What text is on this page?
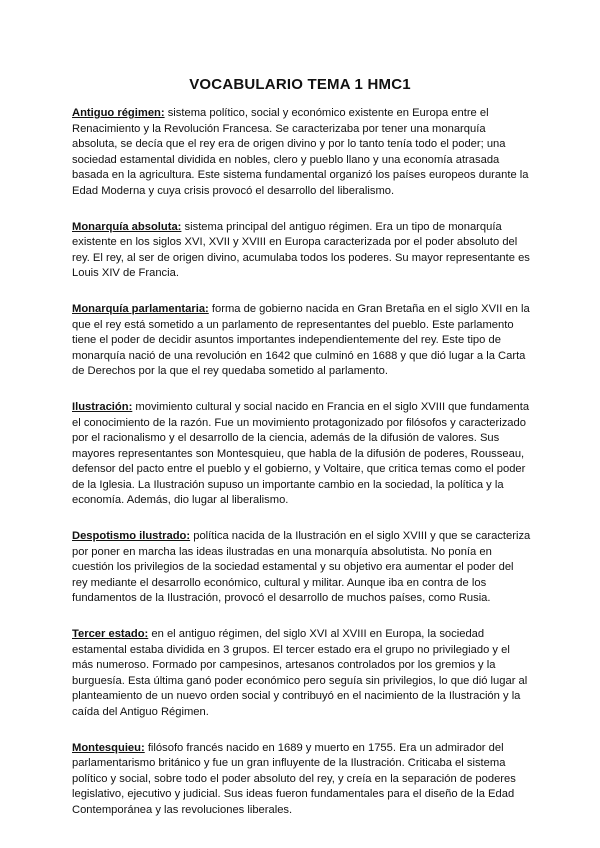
VOCABULARIO TEMA 1 HMC1

Antiguo régimen: sistema político, social y económico existente en Europa entre el Renacimiento y la Revolución Francesa. Se caracterizaba por tener una monarquía absoluta, se decía que el rey era de origen divino y por lo tanto tenía todo el poder; una sociedad estamental dividida en nobles, clero y pueblo llano y una economía atrasada basada en la agricultura. Este sistema fundamental organizó los países europeos durante la Edad Moderna y cuya crisis provocó el desarrollo del liberalismo.

Monarquía absoluta: sistema principal del antiguo régimen. Era un tipo de monarquía existente en los siglos XVI, XVII y XVIII en Europa caracterizada por el poder absoluto del rey. El rey, al ser de origen divino, acumulaba todos los poderes. Su mayor representante es Louis XIV de Francia.

Monarquía parlamentaria: forma de gobierno nacida en Gran Bretaña en el siglo XVII en la que el rey está sometido a un parlamento de representantes del pueblo. Este parlamento tiene el poder de decidir asuntos importantes independientemente del rey. Este tipo de monarquía nació de una revolución en 1642 que culminó en 1688 y que dió lugar a la Carta de Derechos por la que el rey quedaba sometido al parlamento.

Ilustración: movimiento cultural y social nacido en Francia en el siglo XVIII que fundamenta el conocimiento de la razón. Fue un movimiento protagonizado por filósofos y caracterizado por el racionalismo y el desarrollo de la ciencia, además de la difusión de valores. Sus mayores representantes son Montesquieu, que habla de la difusión de poderes, Rousseau, defensor del pacto entre el pueblo y el gobierno, y Voltaire, que critica temas como el poder de la Iglesia. La Ilustración supuso un importante cambio en la sociedad, la política y la economía. Además, dio lugar al liberalismo.

Despotismo ilustrado: política nacida de la Ilustración en el siglo XVIII y que se caracteriza por poner en marcha las ideas ilustradas en una monarquía absolutista. No ponía en cuestión los privilegios de la sociedad estamental y su objetivo era aumentar el poder del rey mediante el desarrollo económico, cultural y militar. Aunque iba en contra de los fundamentos de la Ilustración, provocó el desarrollo de muchos países, como Rusia.

Tercer estado: en el antiguo régimen, del siglo XVI al XVIII en Europa, la sociedad estamental estaba dividida en 3 grupos. El tercer estado era el grupo no privilegiado y el más numeroso. Formado por campesinos, artesanos controlados por los gremios y la burguesía. Esta última ganó poder económico pero seguía sin privilegios, lo que dió lugar al planteamiento de un nuevo orden social y contribuyó en el nacimiento de la Ilustración y la caída del Antiguo Régimen.

Montesquieu: filósofo francés nacido en 1689 y muerto en 1755. Era un admirador del parlamentarismo británico y fue un gran influyente de la Ilustración. Criticaba el sistema político y social, sobre todo el poder absoluto del rey, y creía en la separación de poderes legislativo, ejecutivo y judicial. Sus ideas fueron fundamentales para el diseño de la Edad Contemporánea y las revoluciones liberales.
